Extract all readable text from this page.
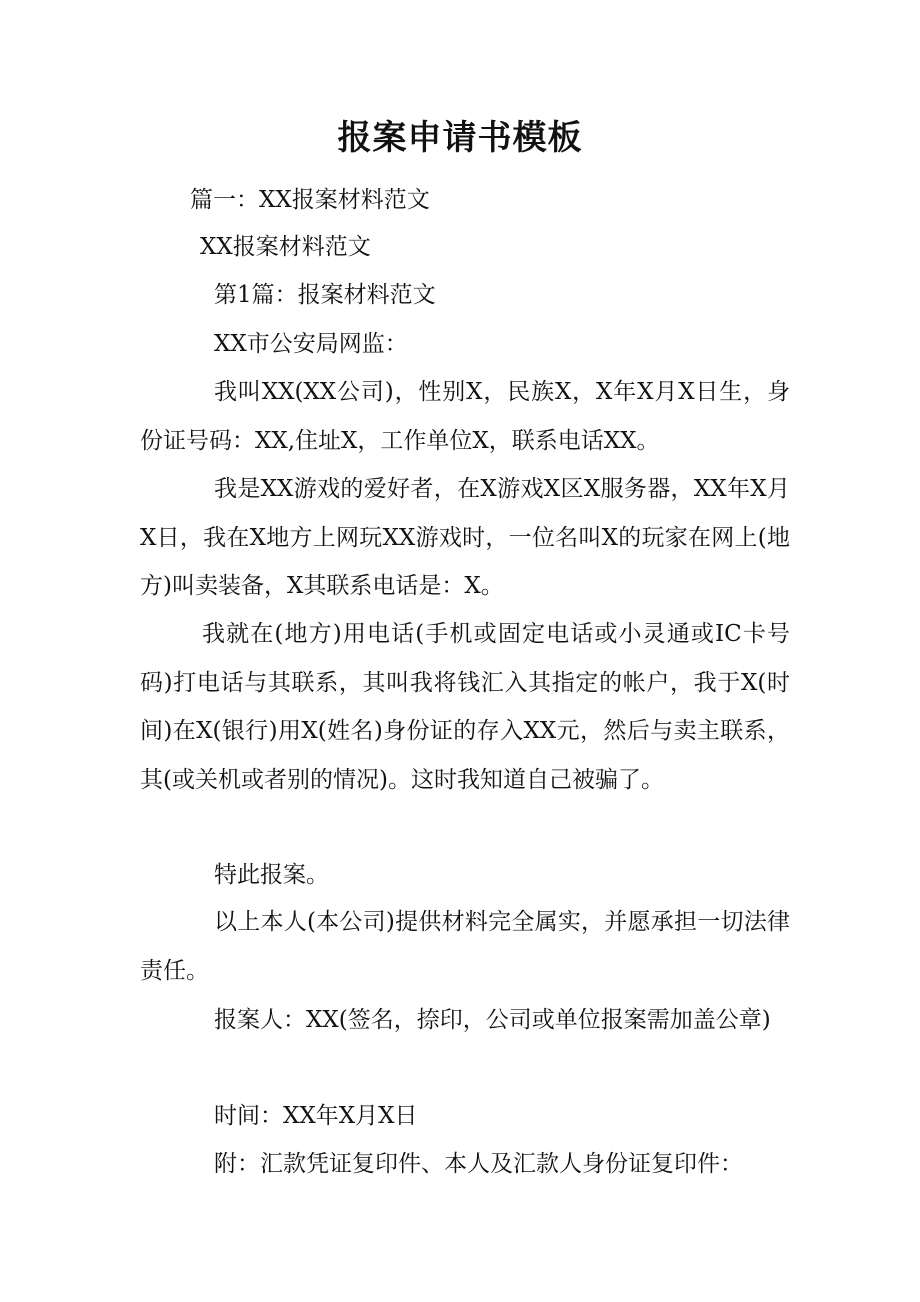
报案申请书模板

篇一：XX报案材料范文

XX报案材料范文

第1篇：报案材料范文

XX市公安局网监：

我叫XX(XX公司)，性别X，民族X，X年X月X日生，身份证号码：XX,住址X，工作单位X，联系电话XX。

我是XX游戏的爱好者，在X游戏X区X服务器，XX年X月X日，我在X地方上网玩XX游戏时，一位名叫X的玩家在网上(地方)叫卖装备，X其联系电话是：X。

我就在(地方)用电话(手机或固定电话或小灵通或IC卡号码)打电话与其联系，其叫我将钱汇入其指定的帐户，我于X(时间)在X(银行)用X(姓名)身份证的存入XX元，然后与卖主联系，其(或关机或者别的情况)。这时我知道自己被骗了。

特此报案。

以上本人(本公司)提供材料完全属实，并愿承担一切法律责任。

报案人：XX(签名，捺印，公司或单位报案需加盖公章)

时间：XX年X月X日

附：汇款凭证复印件、本人及汇款人身份证复印件：
